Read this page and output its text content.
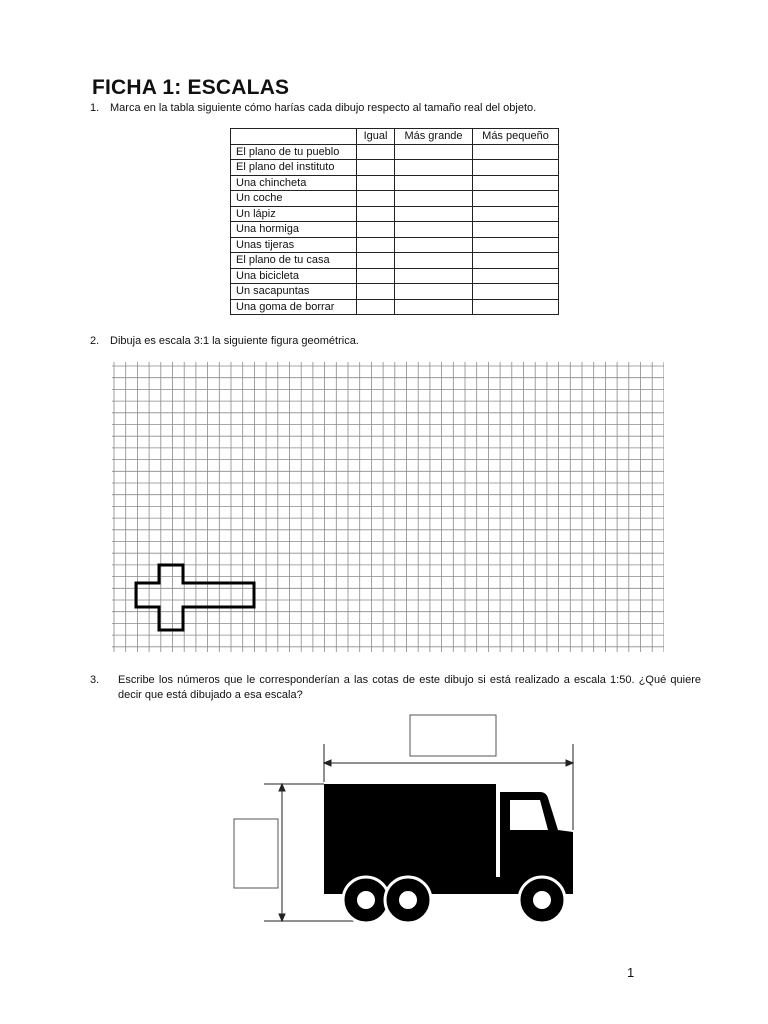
FICHA 1: ESCALAS
1. Marca en la tabla siguiente cómo harías cada dibujo respecto al tamaño real del objeto.
	Igual	Más grande	Más pequeño
El plano de tu pueblo			
El plano del instituto			
Una chincheta			
Un coche			
Un lápiz			
Una hormiga			
Unas tijeras			
El plano de tu casa			
Una bicicleta			
Un sacapuntas			
Una goma de borrar			
2. Dibuja es escala 3:1 la siguiente figura geométrica.
3. Escribe los números que le corresponderían a las cotas de este dibujo si está realizado a escala 1:50. ¿Qué quiere decir que está dibujado a esa escala?
1
